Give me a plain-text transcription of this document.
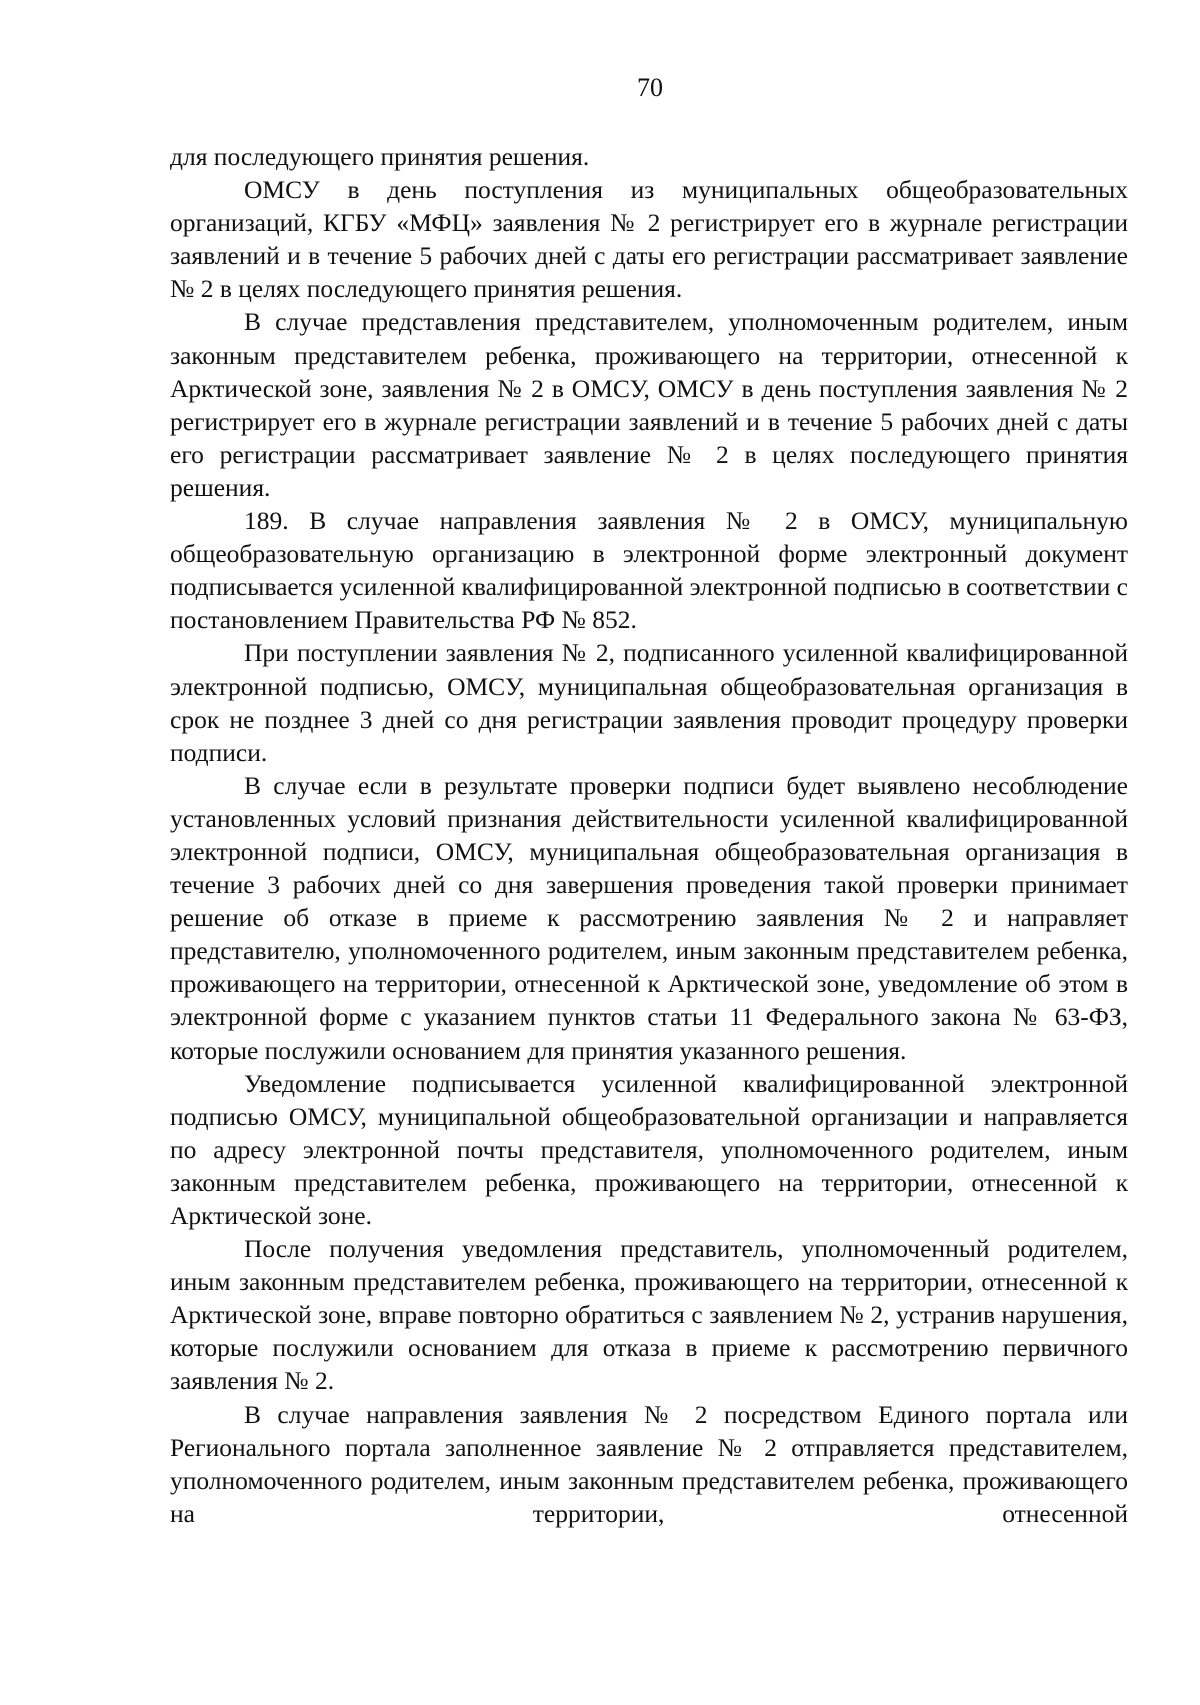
70

для последующего принятия решения.

ОМСУ в день поступления из муниципальных общеобразовательных организаций, КГБУ «МФЦ» заявления № 2 регистрирует его в журнале регистрации заявлений и в течение 5 рабочих дней с даты его регистрации рассматривает заявление № 2 в целях последующего принятия решения.

В случае представления представителем, уполномоченным родителем, иным законным представителем ребенка, проживающего на территории, отнесенной к Арктической зоне, заявления № 2 в ОМСУ, ОМСУ в день поступления заявления № 2 регистрирует его в журнале регистрации заявлений и в течение 5 рабочих дней с даты его регистрации рассматривает заявление № 2 в целях последующего принятия решения.

189. В случае направления заявления № 2 в ОМСУ, муниципальную общеобразовательную организацию в электронной форме электронный документ подписывается усиленной квалифицированной электронной подписью в соответствии с постановлением Правительства РФ № 852.

При поступлении заявления № 2, подписанного усиленной квалифицированной электронной подписью, ОМСУ, муниципальная общеобразовательная организация в срок не позднее 3 дней со дня регистрации заявления проводит процедуру проверки подписи.

В случае если в результате проверки подписи будет выявлено несоблюдение установленных условий признания действительности усиленной квалифицированной электронной подписи, ОМСУ, муниципальная общеобразовательная организация в течение 3 рабочих дней со дня завершения проведения такой проверки принимает решение об отказе в приеме к рассмотрению заявления № 2 и направляет представителю, уполномоченного родителем, иным законным представителем ребенка, проживающего на территории, отнесенной к Арктической зоне, уведомление об этом в электронной форме с указанием пунктов статьи 11 Федерального закона № 63-ФЗ, которые послужили основанием для принятия указанного решения.

Уведомление подписывается усиленной квалифицированной электронной подписью ОМСУ, муниципальной общеобразовательной организации и направляется по адресу электронной почты представителя, уполномоченного родителем, иным законным представителем ребенка, проживающего на территории, отнесенной к Арктической зоне.

После получения уведомления представитель, уполномоченный родителем, иным законным представителем ребенка, проживающего на территории, отнесенной к Арктической зоне, вправе повторно обратиться с заявлением № 2, устранив нарушения, которые послужили основанием для отказа в приеме к рассмотрению первичного заявления № 2.

В случае направления заявления № 2 посредством Единого портала или Регионального портала заполненное заявление № 2 отправляется представителем, уполномоченного родителем, иным законным представителем ребенка, проживающего на территории, отнесенной
